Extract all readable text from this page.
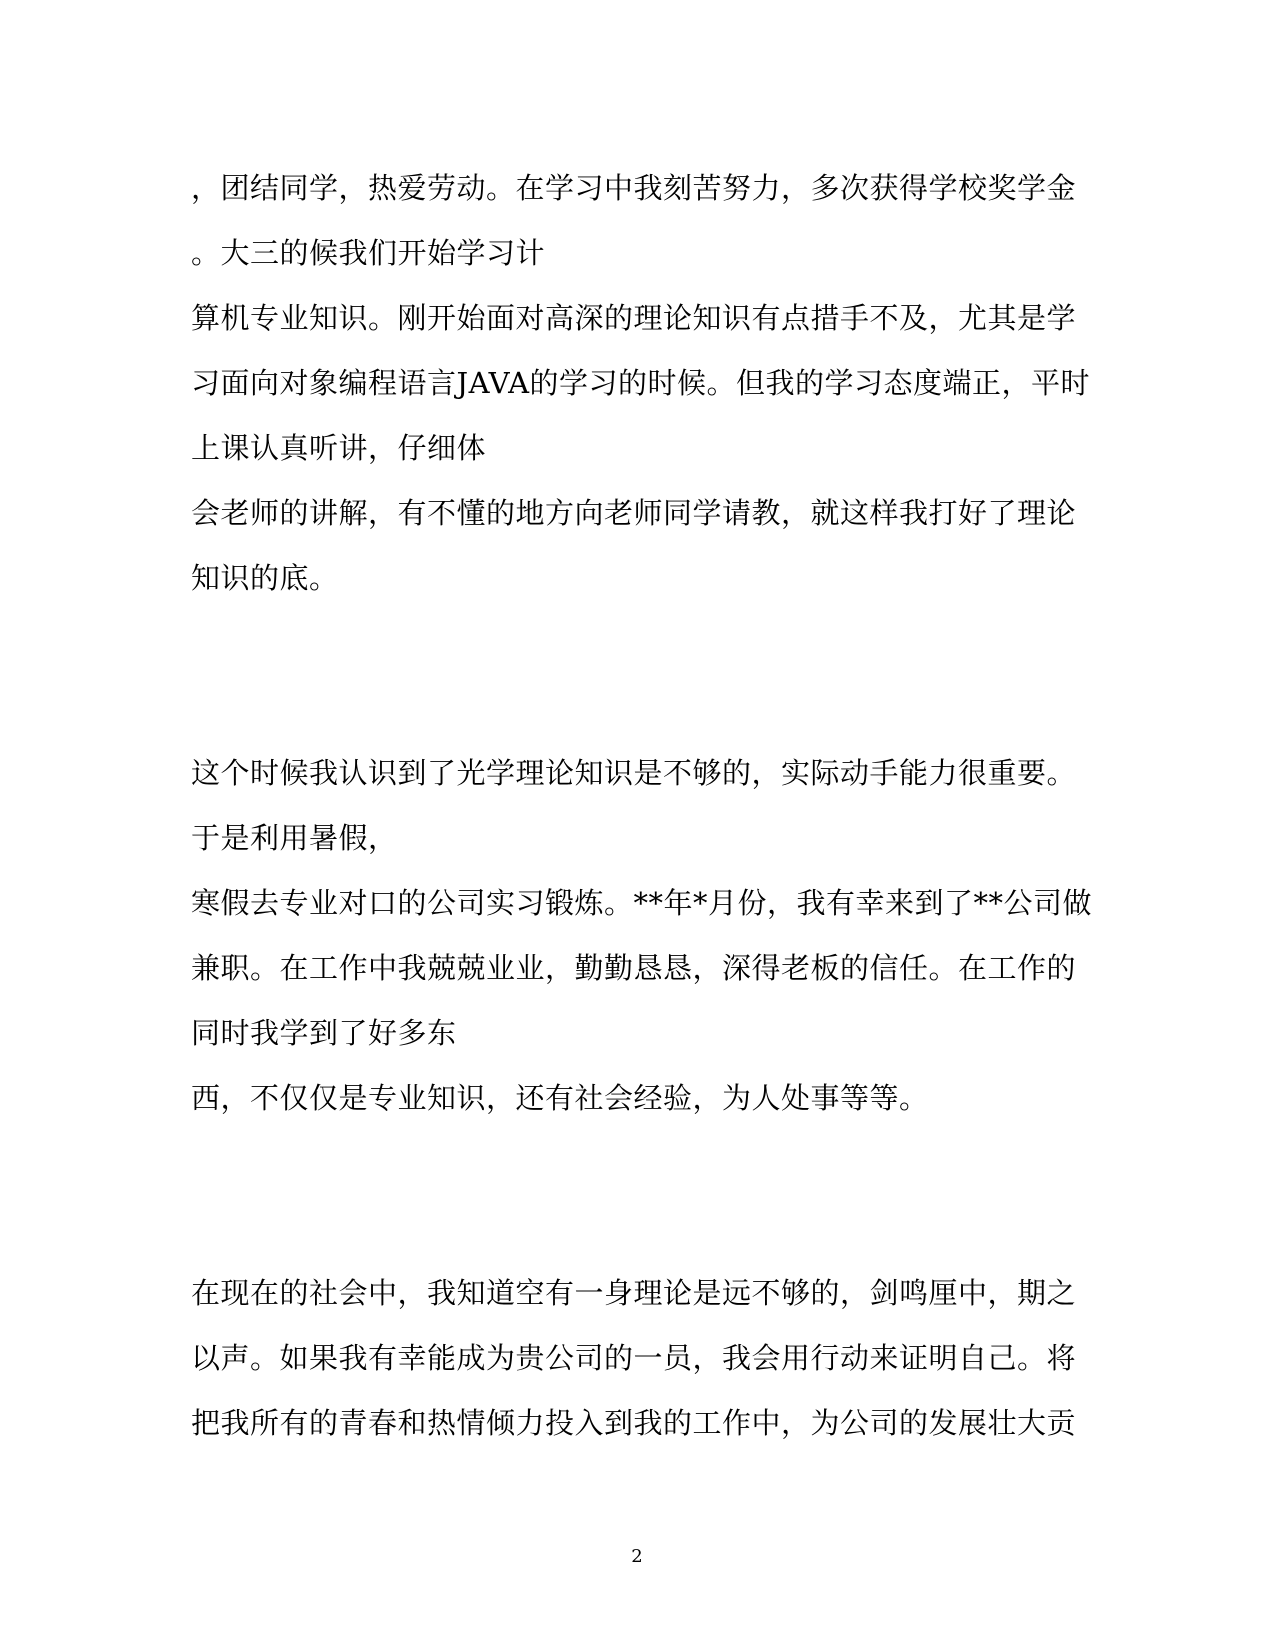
，团结同学，热爱劳动。在学习中我刻苦努力，多次获得学校奖学金
。大三的候我们开始学习计
算机专业知识。刚开始面对高深的理论知识有点措手不及，尤其是学
习面向对象编程语言JAVA的学习的时候。但我的学习态度端正，平时
上课认真听讲，仔细体
会老师的讲解，有不懂的地方向老师同学请教，就这样我打好了理论
知识的底。
这个时候我认识到了光学理论知识是不够的，实际动手能力很重要。
于是利用暑假，
寒假去专业对口的公司实习锻炼。**年*月份，我有幸来到了**公司做
兼职。在工作中我兢兢业业，勤勤恳恳，深得老板的信任。在工作的
同时我学到了好多东
西，不仅仅是专业知识，还有社会经验，为人处事等等。
在现在的社会中，我知道空有一身理论是远不够的，剑鸣厘中，期之
以声。如果我有幸能成为贵公司的一员，我会用行动来证明自己。将
把我所有的青春和热情倾力投入到我的工作中，为公司的发展壮大贡
2
